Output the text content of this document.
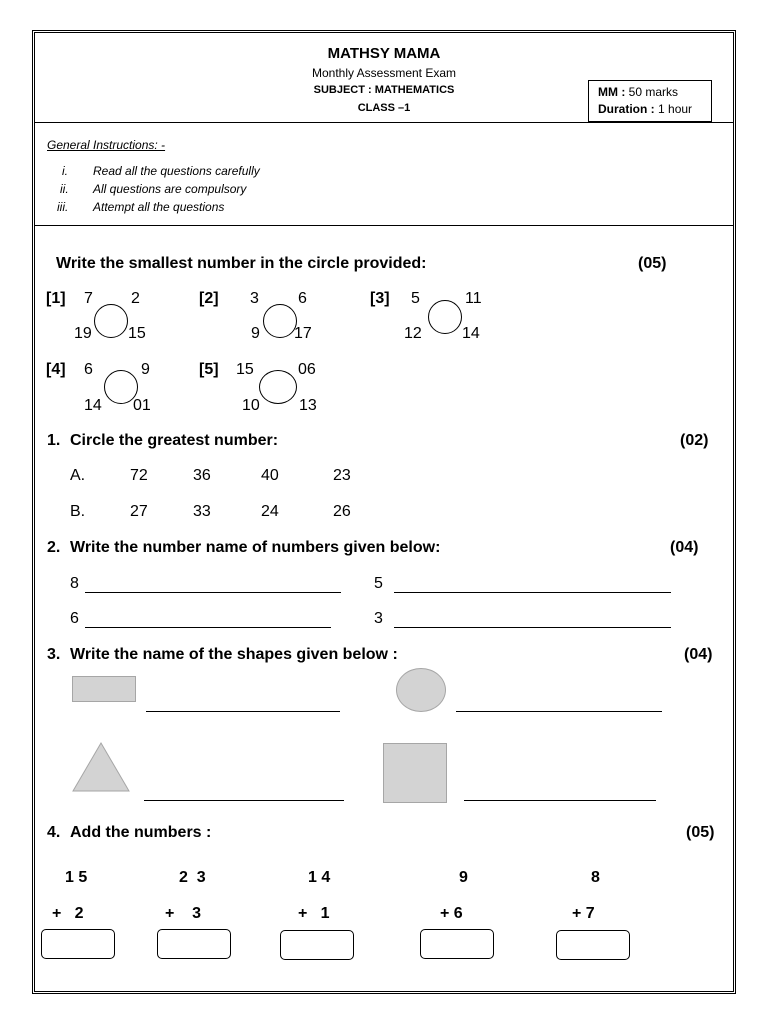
MATHSY MAMA
Monthly Assessment Exam
SUBJECT : MATHEMATICS
CLASS –1
MM : 50 marks
Duration : 1 hour
General Instructions: -
i. Read all the questions carefully
ii. All questions are compulsory
iii. Attempt all the questions
Write the smallest number in the circle provided:	(05)
[1] 7 2
19 15
[2] 3 6
9 17
[3] 5	11
12	14
[4] 6	9
14 01
[5] 15	06
10 13
1. Circle the greatest number:	(02)
A.	72	36	40	23
B.	27	33	24	26
2. Write the number name of numbers given below:	(04)
8	5
6	3
3. Write the name of the shapes given below :	(04)
4. Add the numbers :	(05)
1 5
+   2
2  3
+    3
1 4
+   1
9
+ 6
8
+ 7
